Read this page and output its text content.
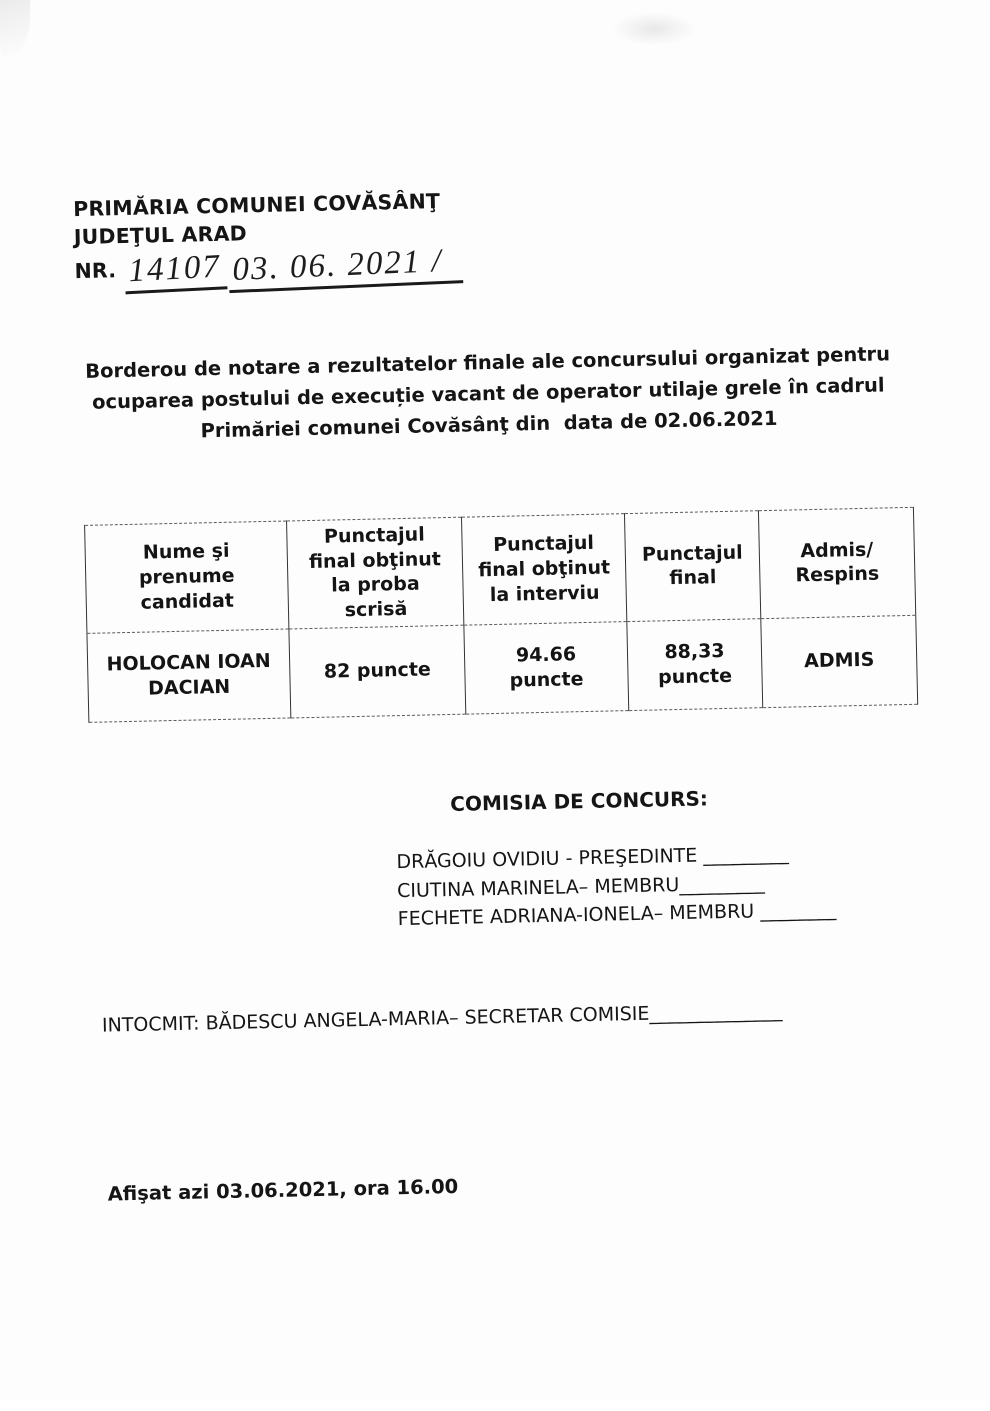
PRIMĂRIA COMUNEI COVĂSÂNŢ
JUDEŢUL ARAD
NR. 14107 03. 06. 2021 /
Borderou de notare a rezultatelor finale ale concursului organizat pentru
ocuparea postului de execuție vacant de operator utilaje grele în cadrul
Primăriei comunei Covăsânţ din  data de 02.06.2021
Nume şi
prenume
candidat	Punctajul
final obţinut
la proba
scrisă	Punctajul
final obţinut
la interviu	Punctajul
final	Admis/
Respins
HOLOCAN IOAN
DACIAN	82 puncte	94.66
puncte	88,33
puncte	ADMIS
COMISIA DE CONCURS:
DRĂGOIU OVIDIU - PREŞEDINTE _________
CIUTINA MARINELA– MEMBRU_________
FECHETE ADRIANA-IONELA– MEMBRU ________
INTOCMIT: BĂDESCU ANGELA-MARIA– SECRETAR COMISIE______________
Afişat azi 03.06.2021, ora 16.00
